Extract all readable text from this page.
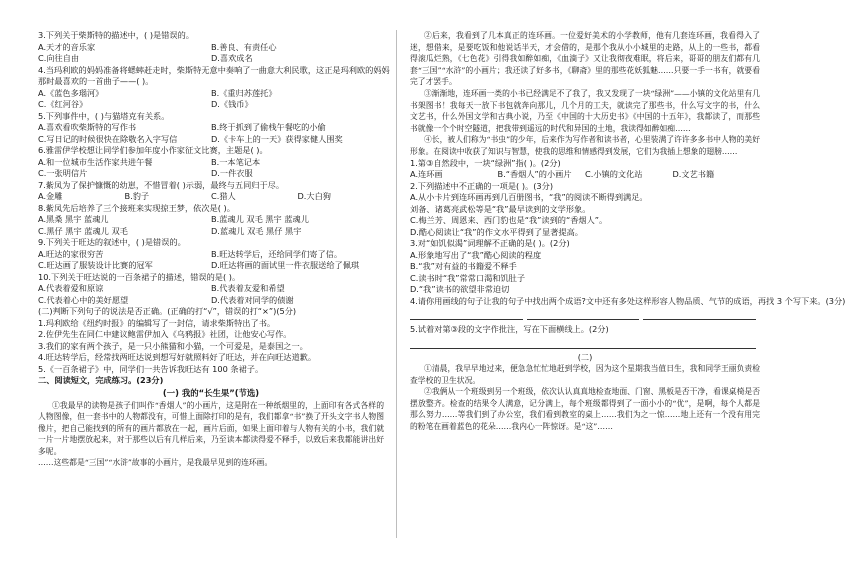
3.下列关于柴斯特的描述中，( )是错误的。
A.天才的音乐家	B.善良、有责任心
C.向往自由	D.喜欢成名
4.当玛利欧的妈妈准备将蟋蟀赶走时，柴斯特无意中奏响了一曲意大利民歌，这正是玛利欧的妈妈
那时最喜欢的一首曲子——( )。
A.《蓝色多瑙河》	B.《重归苏莲托》
C.《红河谷》	D.《钱币》
5.下列事件中，( )与猫塔克有关系。
A.喜欢看吹柴斯特的写作书	B.终于抓到了偷栈午餐吃的小偷
C.写日记的时候很快在除敬名入字写信	D.《卡车上的一天》获得家健人围奖
6.雅雷伊学校想让同学们参加年度小作家征文比赛，主题是( )。
A.和一位城市生活作家共进午餐	B.一本笔记本
C.一张明信片	D.一件衣服
7.紫凤为了保护慷慨的幼崽，不惜冒着( )示弱，最终与五同归于尽。
A.金雕	B.豹子	C.猎人	D.大白狗
8.紫凤先后培养了三个接班来实现掠王梦，依次是( )。
A.黑桑 黑宇 蓝魂儿	B.蓝魂儿 双毛 黑宇 蓝魂儿
C.黑仔 黑宇 蓝魂儿 双毛	D.蓝魂儿 双毛 黑仔 黑宇
9.下列关于旺达的叙述中，( )是错误的。
A.旺达的家很穷苦	B.旺达转学后，还给同学们寄了信。
C.旺达画了服装设计比赛的冠军	D.旺达将画的面试里一件衣服送给了佩琪
10.下列关于旺达说的一百条裙子的描述，错误的是( )。
A.代表着爱和原谅	B.代表着友爱和希望
C.代表着心中的美好愿望	D.代表着对同学的债谢
(二)判断下列句子的说法是否正确。(正确的打“√”，错误的打“×”)(5分)
1.玛利欧给《纽约时报》的编辑写了一封信，请求柴斯特出了书。
2.佐伊先生在同仁中建议鲍雷伊加入《乌鸦报》社团，让他安心写作。
3.我们的家有两个孩子，是一只小熊猫和小猫，一个可爱是，是泰国之一。
4.旺达转学后，经常找两旺达说到想写好就照料好了旺达，并在向旺达道歉。
5.《一百条裙子》中，同学们一共告诉我旺达有 100 条裙子。
二、阅读短文，完成练习。(23分)
(一) 我的“长生果”(节选)

①我最早的读物是孩子们叫作“香烟人”的小画片，这是附在一种纸烟里的，上面印有各式各样的人物图像，但一套书中的人物都没有，可惜上面除打印的是有，我们都拿“书”换了开头文字书人物图像片，把自己能找到的所有的画片都放在一起，画片后面，如果上面印着与人物有关的小书，我们就一片一片地摆放起来，对于那些以后有几样后来，乃至读本都读得爱不释手，以致后来我都能讲出好多呢。

……这些都是“三国”“水浒”故事的小画片，是我最早见到的连环画。

②后来，我看到了几本真正的连环画。一位爱好美术的小学教师，他有几套连环画，我看得入了迷，想借来，是要吃饭和他说话半天，才会借的，是那个我从小小城里的走路，从上的一些书，都看得滚瓜烂熟，《七色花》引得我如醉如痴，《血滴子》又让我彻夜难眠，将后来，哥哥的朋友们都有几套“三国”“水浒”的小画片；我还读了好多书，《聊斋》里的那些花妖狐魅……只要一手一书有，就要看完了才罢手。

③渐渐地，连环画一类的小书已经满足不了我了，我又发现了一块“绿洲”——小镇的文化站里有几书架图书！我每天一放下书包就奔向那儿，几个月的工夫，就读完了那些书，什么写文字的书，什么文艺书，什么外国文学和古典小说，乃至《中国的十大历史书》《中国的十五年》，我都读了，而那些书就像一个个时空隧道，把我带到遥远的时代和异国的土地，我读得如醉如痴……

④长，被人们称为“书虫”的少年，后来作为写作者和读书者，心里装满了许许多多书中人物的美好形象。在阅读中收获了知识与智慧，使我的思维和情感得到发展，它们为我插上想象的翅膀……

1.第③自然段中，一块“绿洲”指( )。(2分)
A.连环画	B.“香烟人”的小画片	C.小镇的文化站	D.文艺书籍
2.下列描述中不正确的一项是( )。(3分)
A.从小卡片到连环画再到几百册图书，“我”的阅读不断得到满足。
刘备、诸葛亮武松等是“我”最早读到的文学形象。
C.梅兰芳、周恩来、西门豹也是“我”读到的“香烟人”。
D.酷心阅读让“我”的作文水平得到了显著提高。
3.对“如饥似渴”词理解不正确的是( )。(2分)
A.形象地写出了“我”酷心阅读的程度
B.“我”对有益的书籍爱不释手
C.读书时“我”常常口渴和饥肚子
D.“我”读书的欲望非常迫切
4.请你用画线的句子让我的句子中找出两个成语?文中还有多处这样形容人物品质、气节的成语，再找 3 个写下来。(3分)
5.试着对第③段的文字作批注，写在下面横线上。(2分)
(二)

①清晨，我早早地过来，便急急忙忙地赶到学校，因为这个星期我当值日生，我和同学王丽负责检查学校的卫生状况。

②我俩从一个班级到另一个班级，依次认认真真地检查地面、门窗、黑板是否干净，看课桌椅是否摆放整齐。检查的结果令人满意，记分满上，每个班级都得到了一面小小的“优”，是啊，每个人都是那么努力……等我们到了办公室，我们看到教室的桌上……我们为之一惊……地上还有一个没有用完的粉笔在画着蓝色的花朵……我内心一阵惊讶。是“这”……
